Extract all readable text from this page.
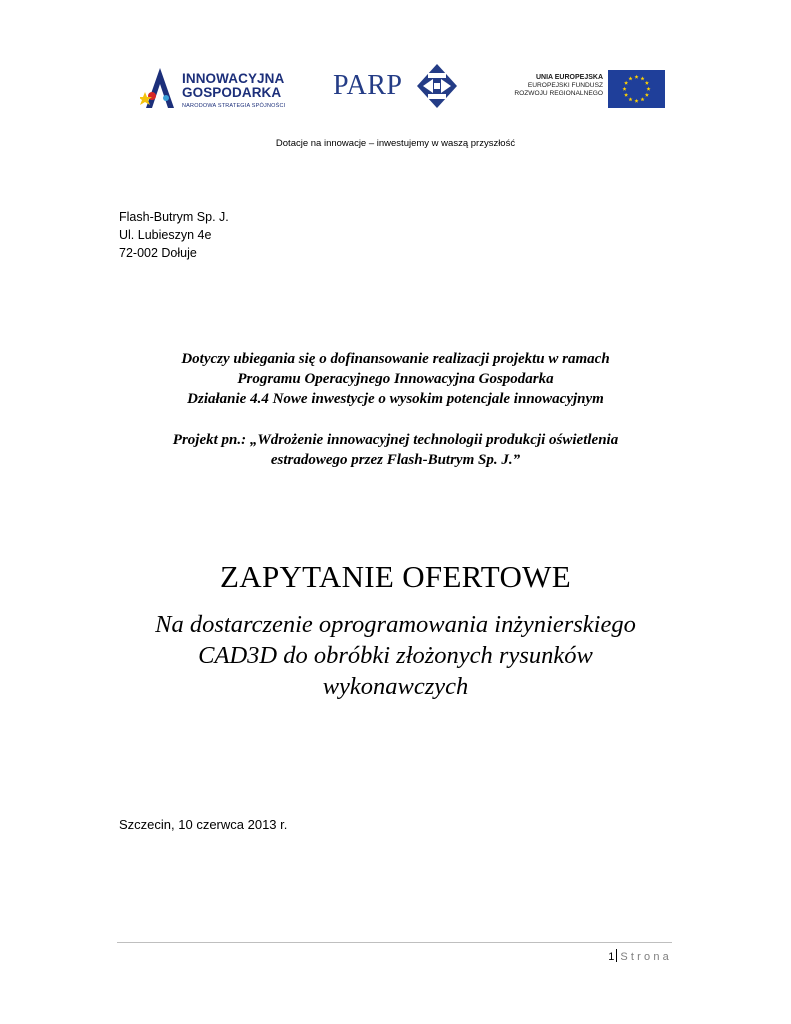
INNOWACYJNA
GOSPODARKA
NARODOWA STRATEGIA SPÓJNOŚCI
PARP	UNIA EUROPEJSKA
EUROPEJSKI FUNDUSZ
ROZWOJU REGIONALNEGO
Dotacje na innowacje – inwestujemy w waszą przyszłość
Flash-Butrym Sp. J.
Ul. Lubieszyn 4e
72-002 Dołuje
Dotyczy ubiegania się o dofinansowanie realizacji projektu w ramach
Programu Operacyjnego Innowacyjna Gospodarka
Działanie 4.4 Nowe inwestycje o wysokim potencjale innowacyjnym
Projekt pn.: „Wdrożenie innowacyjnej technologii produkcji oświetlenia
estradowego przez Flash-Butrym Sp. J.”
ZAPYTANIE OFERTOWE
Na dostarczenie oprogramowania inżynierskiego
CAD3D do obróbki złożonych rysunków
wykonawczych
Szczecin, 10 czerwca 2013 r.
1 Strona
